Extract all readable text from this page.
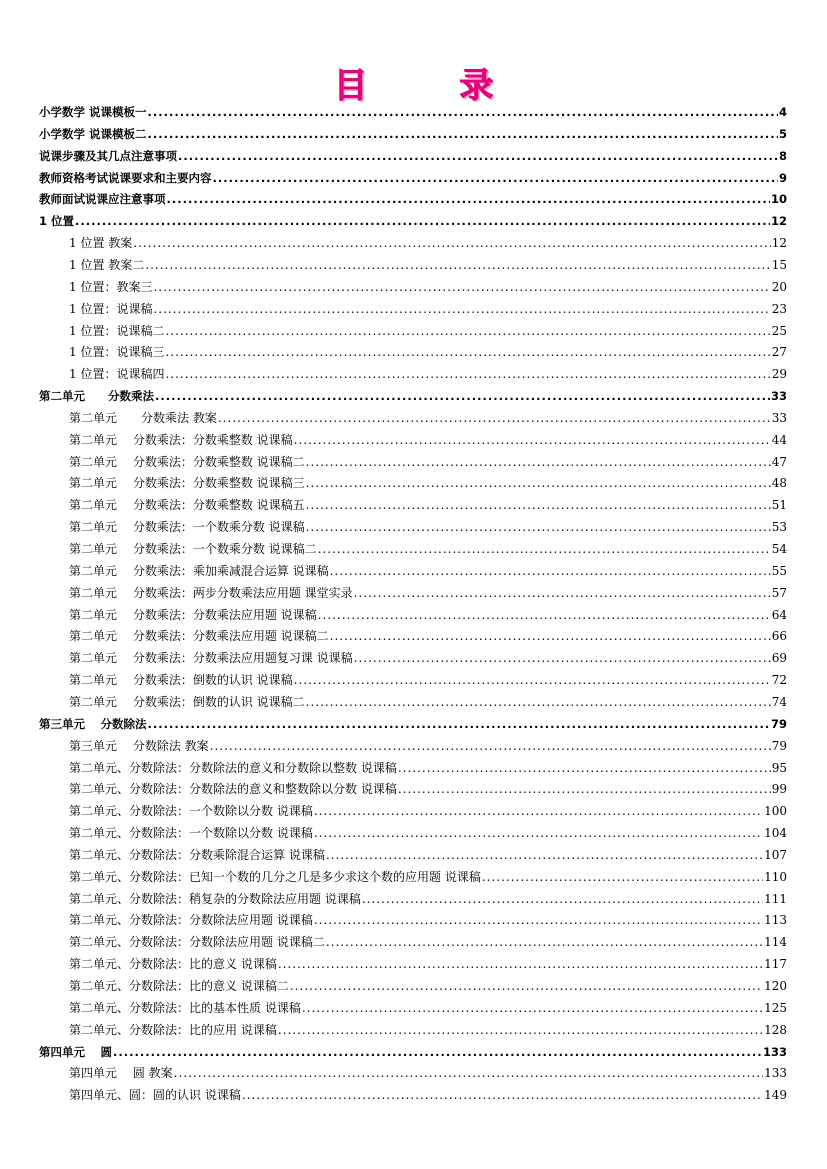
目 录
小学数学 说课模板一 .....	4
小学数学 说课模板二 .....	5
说课步骤及其几点注意事项 .....	8
教师资格考试说课要求和主要内容 .....	9
教师面试说课应注意事项 .....	10
1 位置 .....	12
1 位置 教案 .....	12
1 位置 教案二 .....	15
1 位置：教案三 .....	20
1 位置：说课稿 .....	23
1 位置：说课稿二 .....	25
1 位置：说课稿三 .....	27
1 位置：说课稿四 .....	29
第二单元　　分数乘法 .....	33
第二单元　　分数乘法 教案 .....	33
第二单元　 分数乘法：分数乘整数 说课稿 .....	44
第二单元　 分数乘法：分数乘整数 说课稿二 .....	47
第二单元　 分数乘法：分数乘整数 说课稿三 .....	48
第二单元　 分数乘法：分数乘整数 说课稿五 .....	51
第二单元　 分数乘法：一个数乘分数 说课稿 .....	53
第二单元　 分数乘法：一个数乘分数 说课稿二 .....	54
第二单元　 分数乘法：乘加乘减混合运算 说课稿 .....	55
第二单元　 分数乘法：两步分数乘法应用题 课堂实录 .....	57
第二单元　 分数乘法：分数乘法应用题 说课稿 .....	64
第二单元　 分数乘法：分数乘法应用题 说课稿二 .....	66
第二单元　 分数乘法：分数乘法应用题复习课 说课稿 .....	69
第二单元　 分数乘法：倒数的认识 说课稿 .....	72
第二单元　 分数乘法：倒数的认识 说课稿二 .....	74
第三单元　 分数除法 .....	79
第三单元　 分数除法 教案 .....	79
第二单元、分数除法：分数除法的意义和分数除以整数 说课稿 .....	95
第二单元、分数除法：分数除法的意义和整数除以分数 说课稿 .....	99
第二单元、分数除法：一个数除以分数 说课稿 .....	100
第二单元、分数除法：一个数除以分数 说课稿 .....	104
第二单元、分数除法：分数乘除混合运算 说课稿 .....	107
第二单元、分数除法：已知一个数的几分之几是多少求这个数的应用题 说课稿 .....	110
第二单元、分数除法：稍复杂的分数除法应用题 说课稿 .....	111
第二单元、分数除法：分数除法应用题 说课稿 .....	113
第二单元、分数除法：分数除法应用题 说课稿二 .....	114
第二单元、分数除法：比的意义 说课稿 .....	117
第二单元、分数除法：比的意义 说课稿二 .....	120
第二单元、分数除法：比的基本性质 说课稿 .....	125
第二单元、分数除法：比的应用 说课稿 .....	128
第四单元　 圆 .....	133
第四单元　 圆 教案 .....	133
第四单元、圆：圆的认识 说课稿 .....	149
